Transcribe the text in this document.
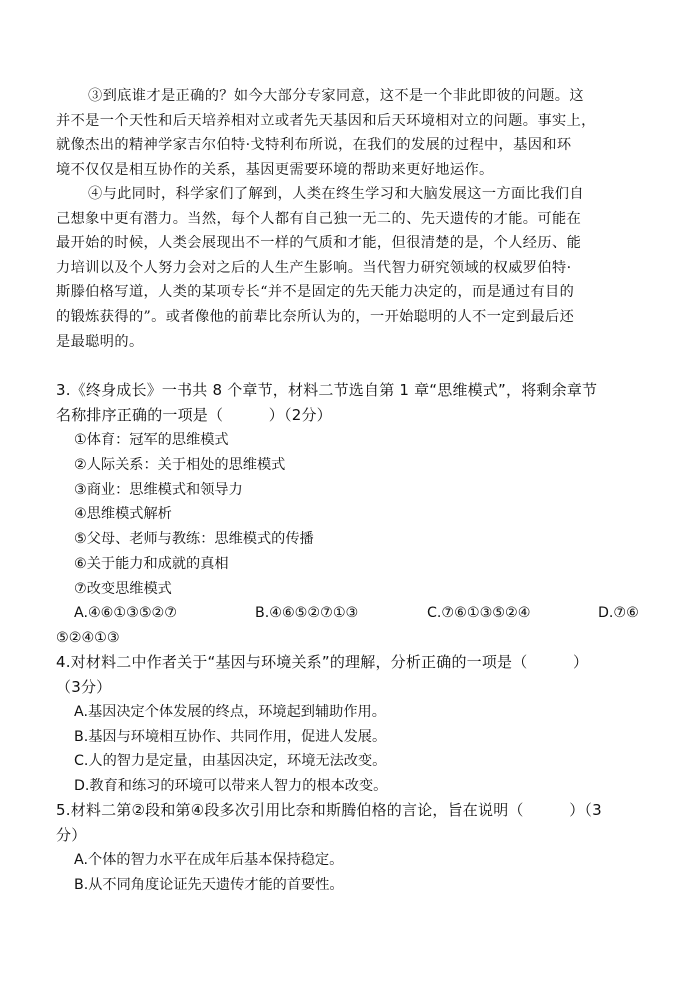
③到底谁才是正确的？如今大部分专家同意，这不是一个非此即彼的问题。这
并不是一个天性和后天培养相对立或者先天基因和后天环境相对立的问题。事实上，
就像杰出的精神学家吉尔伯特·戈特利布所说，在我们的发展的过程中，基因和环
境不仅仅是相互协作的关系，基因更需要环境的帮助来更好地运作。
④与此同时，科学家们了解到，人类在终生学习和大脑发展这一方面比我们自
己想象中更有潜力。当然，每个人都有自己独一无二的、先天遗传的才能。可能在
最开始的时候，人类会展现出不一样的气质和才能，但很清楚的是，个人经历、能
力培训以及个人努力会对之后的人生产生影响。当代智力研究领域的权威罗伯特·
斯滕伯格写道，人类的某项专长“并不是固定的先天能力决定的，而是通过有目的
的锻炼获得的”。或者像他的前辈比奈所认为的，一开始聪明的人不一定到最后还
是最聪明的。
3.《终身成长》一书共 8 个章节，材料二节选自第 1 章“思维模式”，将剩余章节
名称排序正确的一项是（　　　）（2分）
①体育：冠军的思维模式
②人际关系：关于相处的思维模式
③商业：思维模式和领导力
④思维模式解析
⑤父母、老师与教练：思维模式的传播
⑥关于能力和成就的真相
⑦改变思维模式
A.④⑥①③⑤②⑦	B.④⑥⑤②⑦①③	C.⑦⑥①③⑤②④	D.⑦⑥
⑤②④①③
4.对材料二中作者关于“基因与环境关系”的理解，分析正确的一项是（　　　）
（3分）
A.基因决定个体发展的终点，环境起到辅助作用。
B.基因与环境相互协作、共同作用，促进人发展。
C.人的智力是定量，由基因决定，环境无法改变。
D.教育和练习的环境可以带来人智力的根本改变。
5.材料二第②段和第④段多次引用比奈和斯腾伯格的言论，旨在说明（　　　）（3
分）
A.个体的智力水平在成年后基本保持稳定。
B.从不同角度论证先天遗传才能的首要性。
